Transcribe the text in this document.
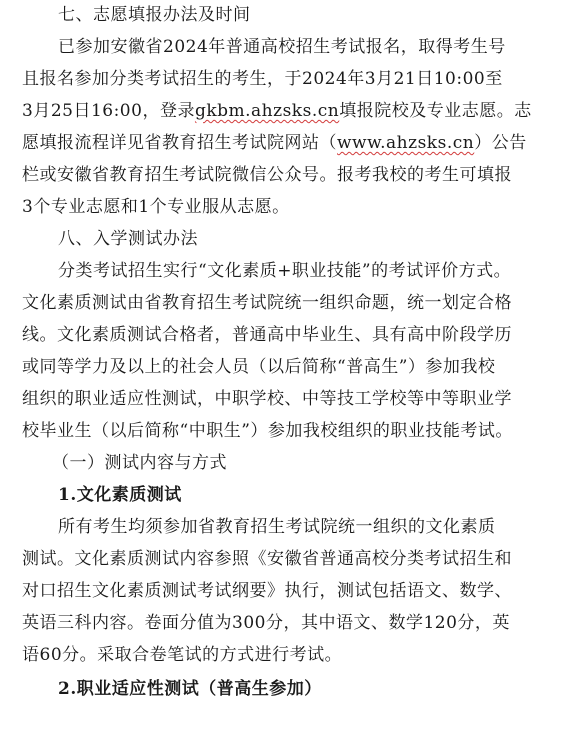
七、志愿填报办法及时间
已参加安徽省2024年普通高校招生考试报名，取得考生号
且报名参加分类考试招生的考生，于2024年3月21日10:00至
3月25日16:00，登录gkbm.ahzsks.cn填报院校及专业志愿。志
愿填报流程详见省教育招生考试院网站（www.ahzsks.cn）公告
栏或安徽省教育招生考试院微信公众号。报考我校的考生可填报
3个专业志愿和1个专业服从志愿。
八、入学测试办法
分类考试招生实行“文化素质+职业技能”的考试评价方式。
文化素质测试由省教育招生考试院统一组织命题，统一划定合格
线。文化素质测试合格者，普通高中毕业生、具有高中阶段学历
或同等学力及以上的社会人员（以后简称“普高生”）参加我校
组织的职业适应性测试，中职学校、中等技工学校等中等职业学
校毕业生（以后简称“中职生”）参加我校组织的职业技能考试。
（一）测试内容与方式
1.文化素质测试
所有考生均须参加省教育招生考试院统一组织的文化素质
测试。文化素质测试内容参照《安徽省普通高校分类考试招生和
对口招生文化素质测试考试纲要》执行，测试包括语文、数学、
英语三科内容。卷面分值为300分，其中语文、数学120分，英
语60分。采取合卷笔试的方式进行考试。
2.职业适应性测试（普高生参加）
